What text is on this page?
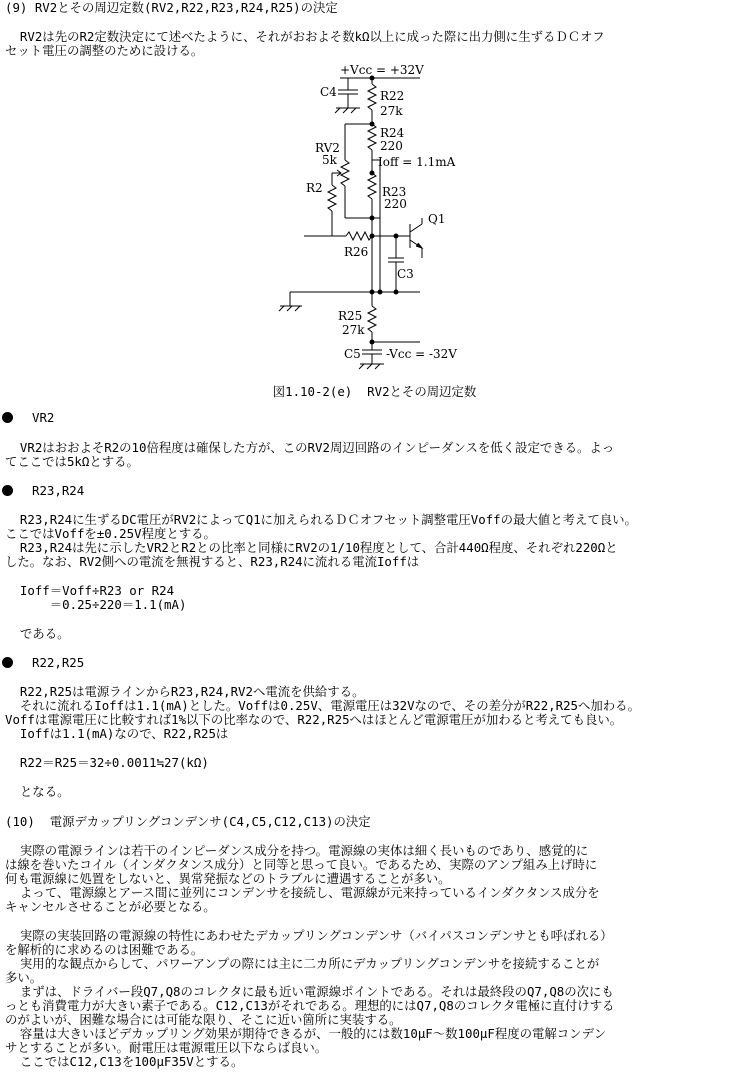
(9) RV2とその周辺定数(RV2,R22,R23,R24,R25)の決定
RV2は先のR2定数決定にて述べたように、それがおおよそ数kΩ以上に成った際に出力側に生ずるＤＣオフ
セット電圧の調整のために設ける。
+Vcc = +32V
C4	R22
27k
R24
220
RV2
5k	Ioff = 1.1mA
R2	R23
220
Q1
R26
C3
R25
27k
C5 -Vcc = -32V
図1.10-2(e)  RV2とその周辺定数
VR2
VR2はおおよそR2の10倍程度は確保した方が、このRV2周辺回路のインピーダンスを低く設定できる。よっ
てここでは5kΩとする。
R23,R24
R23,R24に生ずるDC電圧がRV2によってQ1に加えられるＤＣオフセット調整電圧Voffの最大値と考えて良い。
ここではVoffを±0.25V程度とする。
R23,R24は先に示したVR2とR2との比率と同様にRV2の1/10程度として、合計440Ω程度、それぞれ220Ωと
した。なお、RV2側への電流を無視すると、R23,R24に流れる電流Ioffは
Ioff＝Voff÷R23 or R24
＝0.25÷220＝1.1(mA)
である。
R22,R25
R22,R25は電源ラインからR23,R24,RV2へ電流を供給する。
それに流れるIoffは1.1(mA)とした。Voffは0.25V、電源電圧は32Vなので、その差分がR22,R25へ加わる。
Voffは電源電圧に比較すれば1%以下の比率なので、R22,R25へはほとんど電源電圧が加わると考えても良い。
Ioffは1.1(mA)なので、R22,R25は
R22＝R25＝32÷0.0011≒27(kΩ)
となる。
(10)  電源デカップリングコンデンサ(C4,C5,C12,C13)の決定
実際の電源ラインは若干のインピーダンス成分を持つ。電源線の実体は細く長いものであり、感覚的に
は線を巻いたコイル（インダクタンス成分）と同等と思って良い。であるため、実際のアンプ組み上げ時に
何も電源線に処置をしないと、異常発振などのトラブルに遭遇することが多い。
よって、電源線とアース間に並列にコンデンサを接続し、電源線が元来持っているインダクタンス成分を
キャンセルさせることが必要となる。
実際の実装回路の電源線の特性にあわせたデカップリングコンデンサ（バイパスコンデンサとも呼ばれる）
を解析的に求めるのは困難である。
実用的な観点からして、パワーアンプの際には主に二カ所にデカップリングコンデンサを接続することが
多い。
まずは、ドライバー段Q7,Q8のコレクタに最も近い電源線ポイントである。それは最終段のQ7,Q8の次にも
っとも消費電力が大きい素子である。C12,C13がそれである。理想的にはQ7,Q8のコレクタ電極に直付けする
のがよいが、困難な場合には可能な限り、そこに近い箇所に実装する。
容量は大きいほどデカップリング効果が期待できるが、一般的には数10μF～数100μF程度の電解コンデン
サとすることが多い。耐電圧は電源電圧以下ならば良い。
ここではC12,C13を100μF35Vとする。
